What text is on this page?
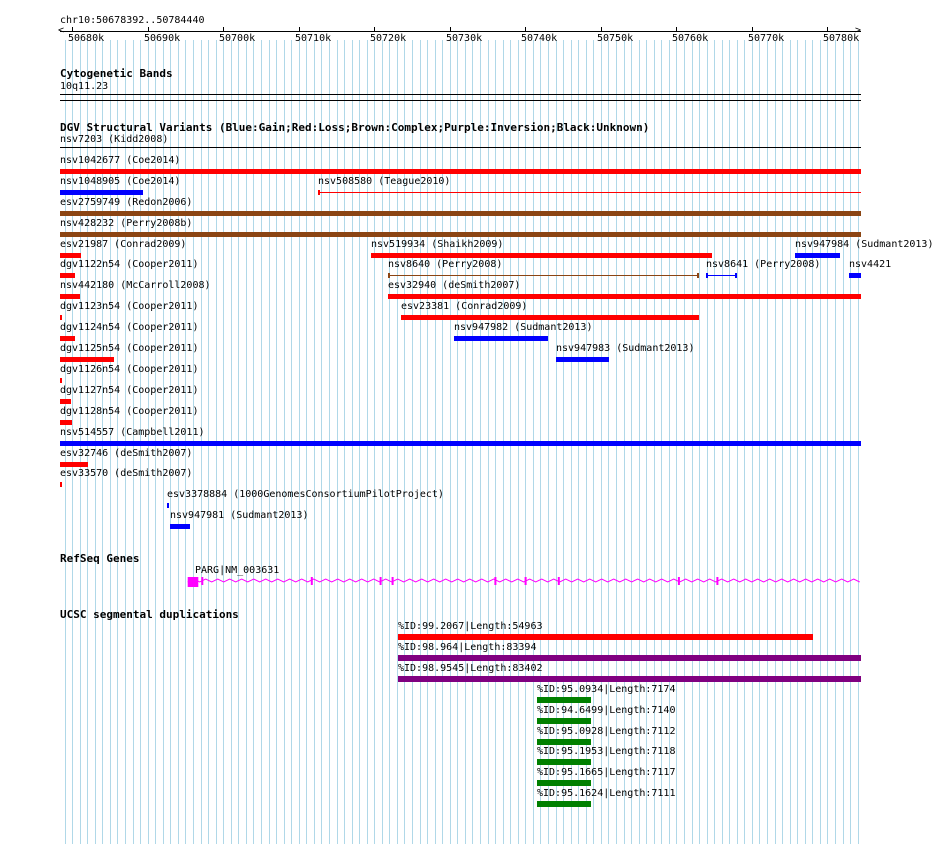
chr10:50678392..50784440
<	>
50680k	50690k	50700k	50710k	50720k	50730k	50740k	50750k	50760k	50770k	50780k
Cytogenetic Bands
10q11.23
DGV Structural Variants (Blue:Gain;Red:Loss;Brown:Complex;Purple:Inversion;Black:Unknown)
nsv7203 (Kidd2008)
nsv1042677 (Coe2014)
nsv1048905 (Coe2014)	nsv508580 (Teague2010)
esv2759749 (Redon2006)
nsv428232 (Perry2008b)
esv21987 (Conrad2009)	nsv519934 (Shaikh2009)	nsv947984 (Sudmant2013)
dgv1122n54 (Cooper2011)	nsv8640 (Perry2008)	nsv8641 (Perry2008)	nsv4421
nsv442180 (McCarroll2008)	esv32940 (deSmith2007)
dgv1123n54 (Cooper2011)	esv23381 (Conrad2009)
dgv1124n54 (Cooper2011)	nsv947982 (Sudmant2013)
dgv1125n54 (Cooper2011)	nsv947983 (Sudmant2013)
dgv1126n54 (Cooper2011)
dgv1127n54 (Cooper2011)
dgv1128n54 (Cooper2011)
nsv514557 (Campbell2011)
esv32746 (deSmith2007)
esv33570 (deSmith2007)
esv3378884 (1000GenomesConsortiumPilotProject)
nsv947981 (Sudmant2013)
RefSeq Genes
PARG|NM_003631
UCSC segmental duplications
%ID:99.2067|Length:54963
%ID:98.964|Length:83394
%ID:98.9545|Length:83402
%ID:95.0934|Length:7174
%ID:94.6499|Length:7140
%ID:95.0928|Length:7112
%ID:95.1953|Length:7118
%ID:95.1665|Length:7117
%ID:95.1624|Length:7111
